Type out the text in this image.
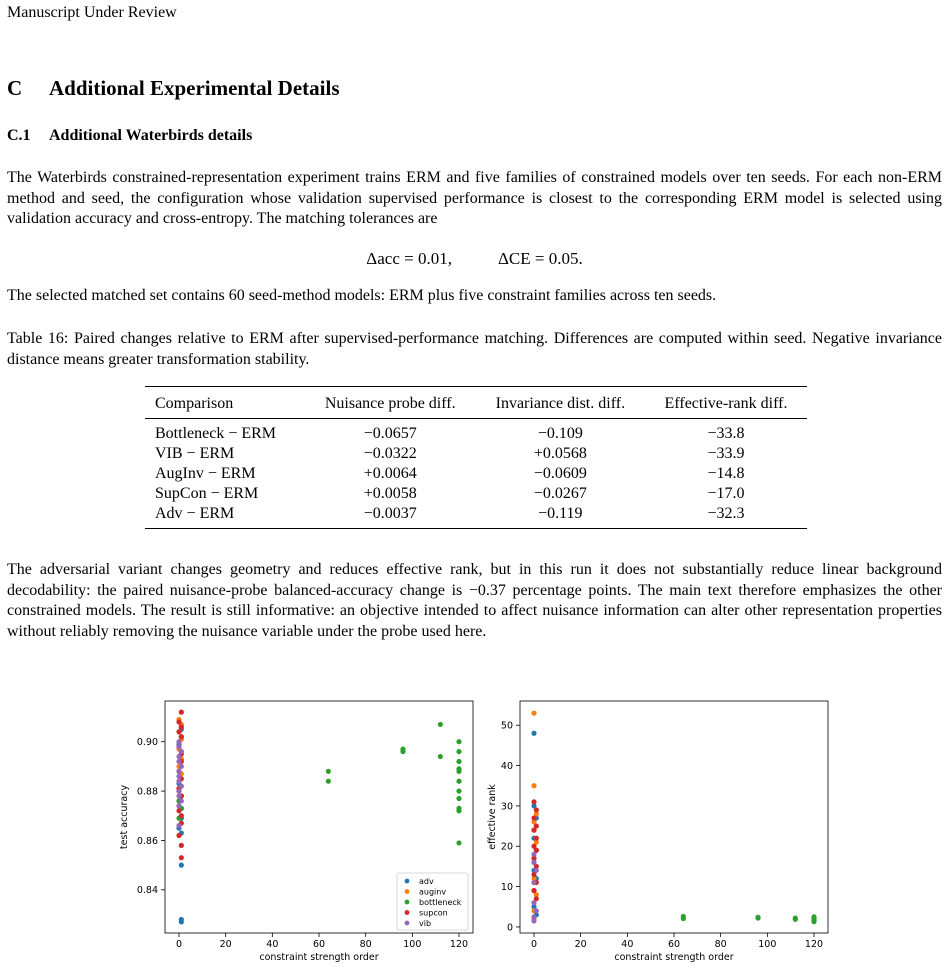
Manuscript Under Review
C Additional Experimental Details
C.1 Additional Waterbirds details
The Waterbirds constrained-representation experiment trains ERM and five families of constrained models over ten seeds. For each non-ERM method and seed, the configuration whose validation supervised performance is closest to the corresponding ERM model is selected using validation accuracy and cross-entropy. The matching tolerances are
Δacc = 0.01,	ΔCE = 0.05.
The selected matched set contains 60 seed-method models: ERM plus five constraint families across ten seeds.
Table 16: Paired changes relative to ERM after supervised-performance matching. Differences are computed within seed. Negative invariance distance means greater transformation stability.
Comparison	Nuisance probe diff.	Invariance dist. diff.	Effective-rank diff.
Bottleneck − ERM	−0.0657	−0.109	−33.8
VIB − ERM	−0.0322	+0.0568	−33.9
AugInv − ERM	+0.0064	−0.0609	−14.8
SupCon − ERM	+0.0058	−0.0267	−17.0
Adv − ERM	−0.0037	−0.119	−32.3
The adversarial variant changes geometry and reduces effective rank, but in this run it does not substantially reduce linear background decodability: the paired nuisance-probe balanced-accuracy change is −0.37 percentage points. The main text therefore emphasizes the other constrained models. The result is still informative: an objective intended to affect nuisance information can alter other representation properties without reliably removing the nuisance variable under the probe used here.
0	20	40	60	80	100	120
0.84
0.86
0.88
0.90
constraint strength order
test accuracy
adv
auginv
bottleneck
supcon
vib
0	20	40	60	80	100	120
0
10
20
30
40
50
constraint strength order
effective rank
